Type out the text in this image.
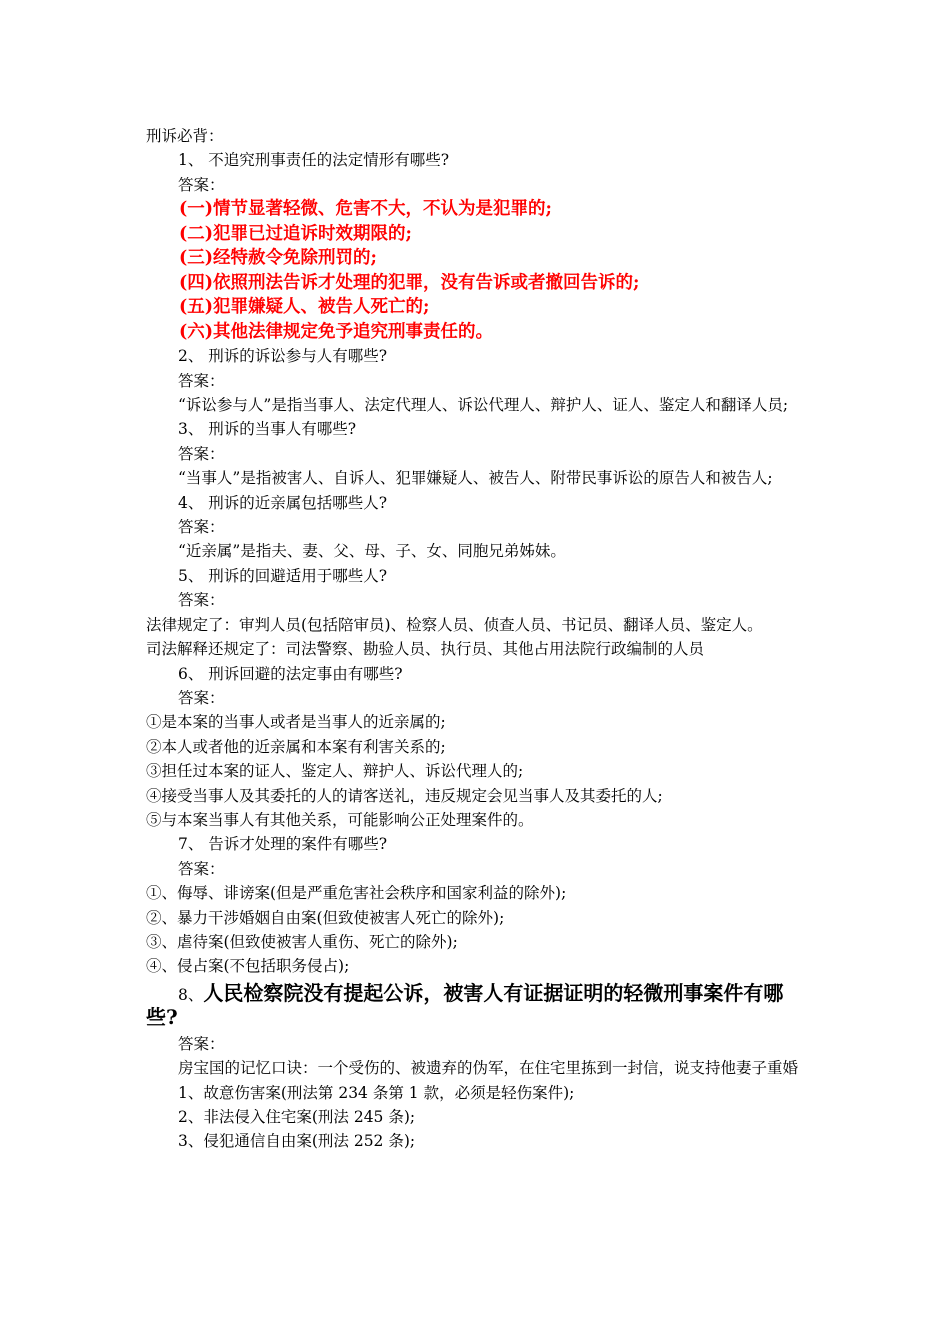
刑诉必背：
1、 不追究刑事责任的法定情形有哪些?
答案：
(一)情节显著轻微、危害不大，不认为是犯罪的;
(二)犯罪已过追诉时效期限的;
(三)经特赦令免除刑罚的;
(四)依照刑法告诉才处理的犯罪，没有告诉或者撤回告诉的;
(五)犯罪嫌疑人、被告人死亡的;
(六)其他法律规定免予追究刑事责任的。
2、 刑诉的诉讼参与人有哪些?
答案：
“诉讼参与人”是指当事人、法定代理人、诉讼代理人、辩护人、证人、鉴定人和翻译人员;
3、 刑诉的当事人有哪些?
答案：
“当事人”是指被害人、自诉人、犯罪嫌疑人、被告人、附带民事诉讼的原告人和被告人;
4、 刑诉的近亲属包括哪些人?
答案：
“近亲属”是指夫、妻、父、母、子、女、同胞兄弟姊妹。
5、 刑诉的回避适用于哪些人?
答案：
法律规定了：审判人员(包括陪审员)、检察人员、侦查人员、书记员、翻译人员、鉴定人。
司法解释还规定了：司法警察、勘验人员、执行员、其他占用法院行政编制的人员
6、 刑诉回避的法定事由有哪些?
答案：
①是本案的当事人或者是当事人的近亲属的;
②本人或者他的近亲属和本案有利害关系的;
③担任过本案的证人、鉴定人、辩护人、诉讼代理人的;
④接受当事人及其委托的人的请客送礼，违反规定会见当事人及其委托的人;
⑤与本案当事人有其他关系，可能影响公正处理案件的。
7、 告诉才处理的案件有哪些?
答案：
①、侮辱、诽谤案(但是严重危害社会秩序和国家利益的除外);
②、暴力干涉婚姻自由案(但致使被害人死亡的除外);
③、虐待案(但致使被害人重伤、死亡的除外);
④、侵占案(不包括职务侵占);
8、人民检察院没有提起公诉，被害人有证据证明的轻微刑事案件有哪些?
答案：
房宝国的记忆口诀：一个受伤的、被遗弃的伪军，在住宅里拣到一封信，说支持他妻子重婚
1、故意伤害案(刑法第 234 条第 1 款，必须是轻伤案件);
2、非法侵入住宅案(刑法 245 条);
3、侵犯通信自由案(刑法 252 条);
